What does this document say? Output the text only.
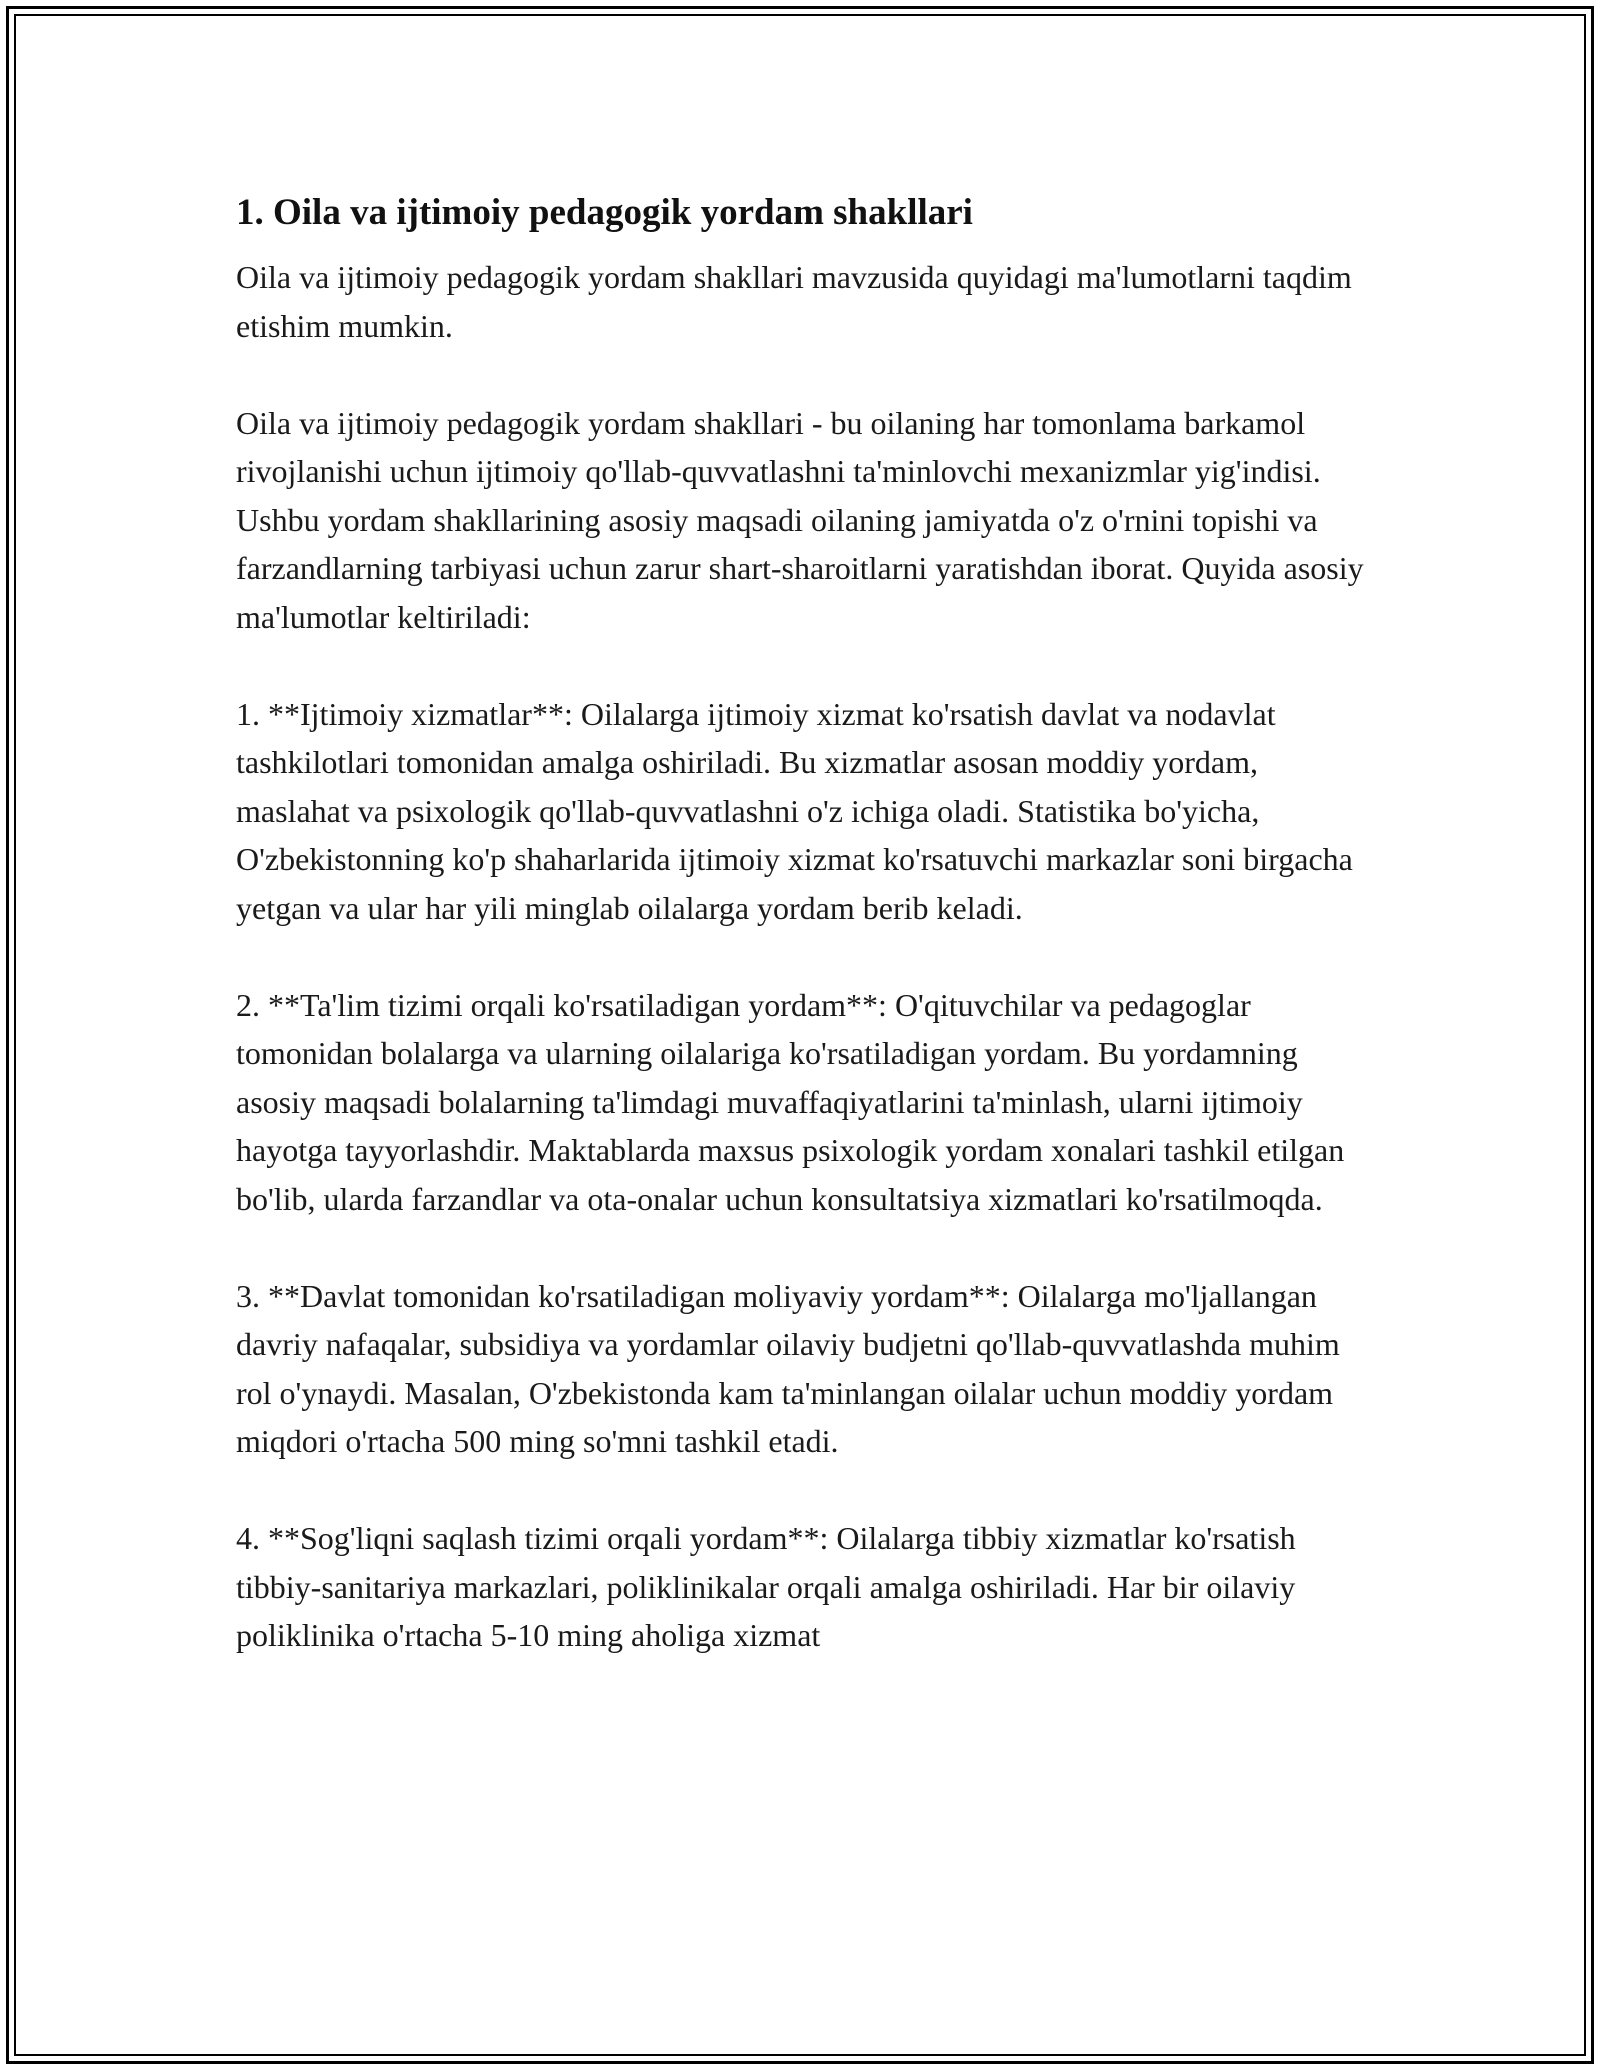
1. Oila va ijtimoiy pedagogik yordam shakllari

Oila va ijtimoiy pedagogik yordam shakllari mavzusida quyidagi ma'lumotlarni taqdim etishim mumkin.

Oila va ijtimoiy pedagogik yordam shakllari - bu oilaning har tomonlama barkamol rivojlanishi uchun ijtimoiy qo'llab-quvvatlashni ta'minlovchi mexanizmlar yig'indisi. Ushbu yordam shakllarining asosiy maqsadi oilaning jamiyatda o'z o'rnini topishi va farzandlarning tarbiyasi uchun zarur shart-sharoitlarni yaratishdan iborat. Quyida asosiy ma'lumotlar keltiriladi:

1. **Ijtimoiy xizmatlar**: Oilalarga ijtimoiy xizmat ko'rsatish davlat va nodavlat tashkilotlari tomonidan amalga oshiriladi. Bu xizmatlar asosan moddiy yordam, maslahat va psixologik qo'llab-quvvatlashni o'z ichiga oladi. Statistika bo'yicha, O'zbekistonning ko'p shaharlarida ijtimoiy xizmat ko'rsatuvchi markazlar soni birgacha yetgan va ular har yili minglab oilalarga yordam berib keladi.

2. **Ta'lim tizimi orqali ko'rsatiladigan yordam**: O'qituvchilar va pedagoglar tomonidan bolalarga va ularning oilalariga ko'rsatiladigan yordam. Bu yordamning asosiy maqsadi bolalarning ta'limdagi muvaffaqiyatlarini ta'minlash, ularni ijtimoiy hayotga tayyorlashdir. Maktablarda maxsus psixologik yordam xonalari tashkil etilgan bo'lib, ularda farzandlar va ota-onalar uchun konsultatsiya xizmatlari ko'rsatilmoqda.

3. **Davlat tomonidan ko'rsatiladigan moliyaviy yordam**: Oilalarga mo'ljallangan davriy nafaqalar, subsidiya va yordamlar oilaviy budjetni qo'llab-quvvatlashda muhim rol o'ynaydi. Masalan, O'zbekistonda kam ta'minlangan oilalar uchun moddiy yordam miqdori o'rtacha 500 ming so'mni tashkil etadi.

4. **Sog'liqni saqlash tizimi orqali yordam**: Oilalarga tibbiy xizmatlar ko'rsatish tibbiy-sanitariya markazlari, poliklinikalar orqali amalga oshiriladi. Har bir oilaviy poliklinika o'rtacha 5-10 ming aholiga xizmat
